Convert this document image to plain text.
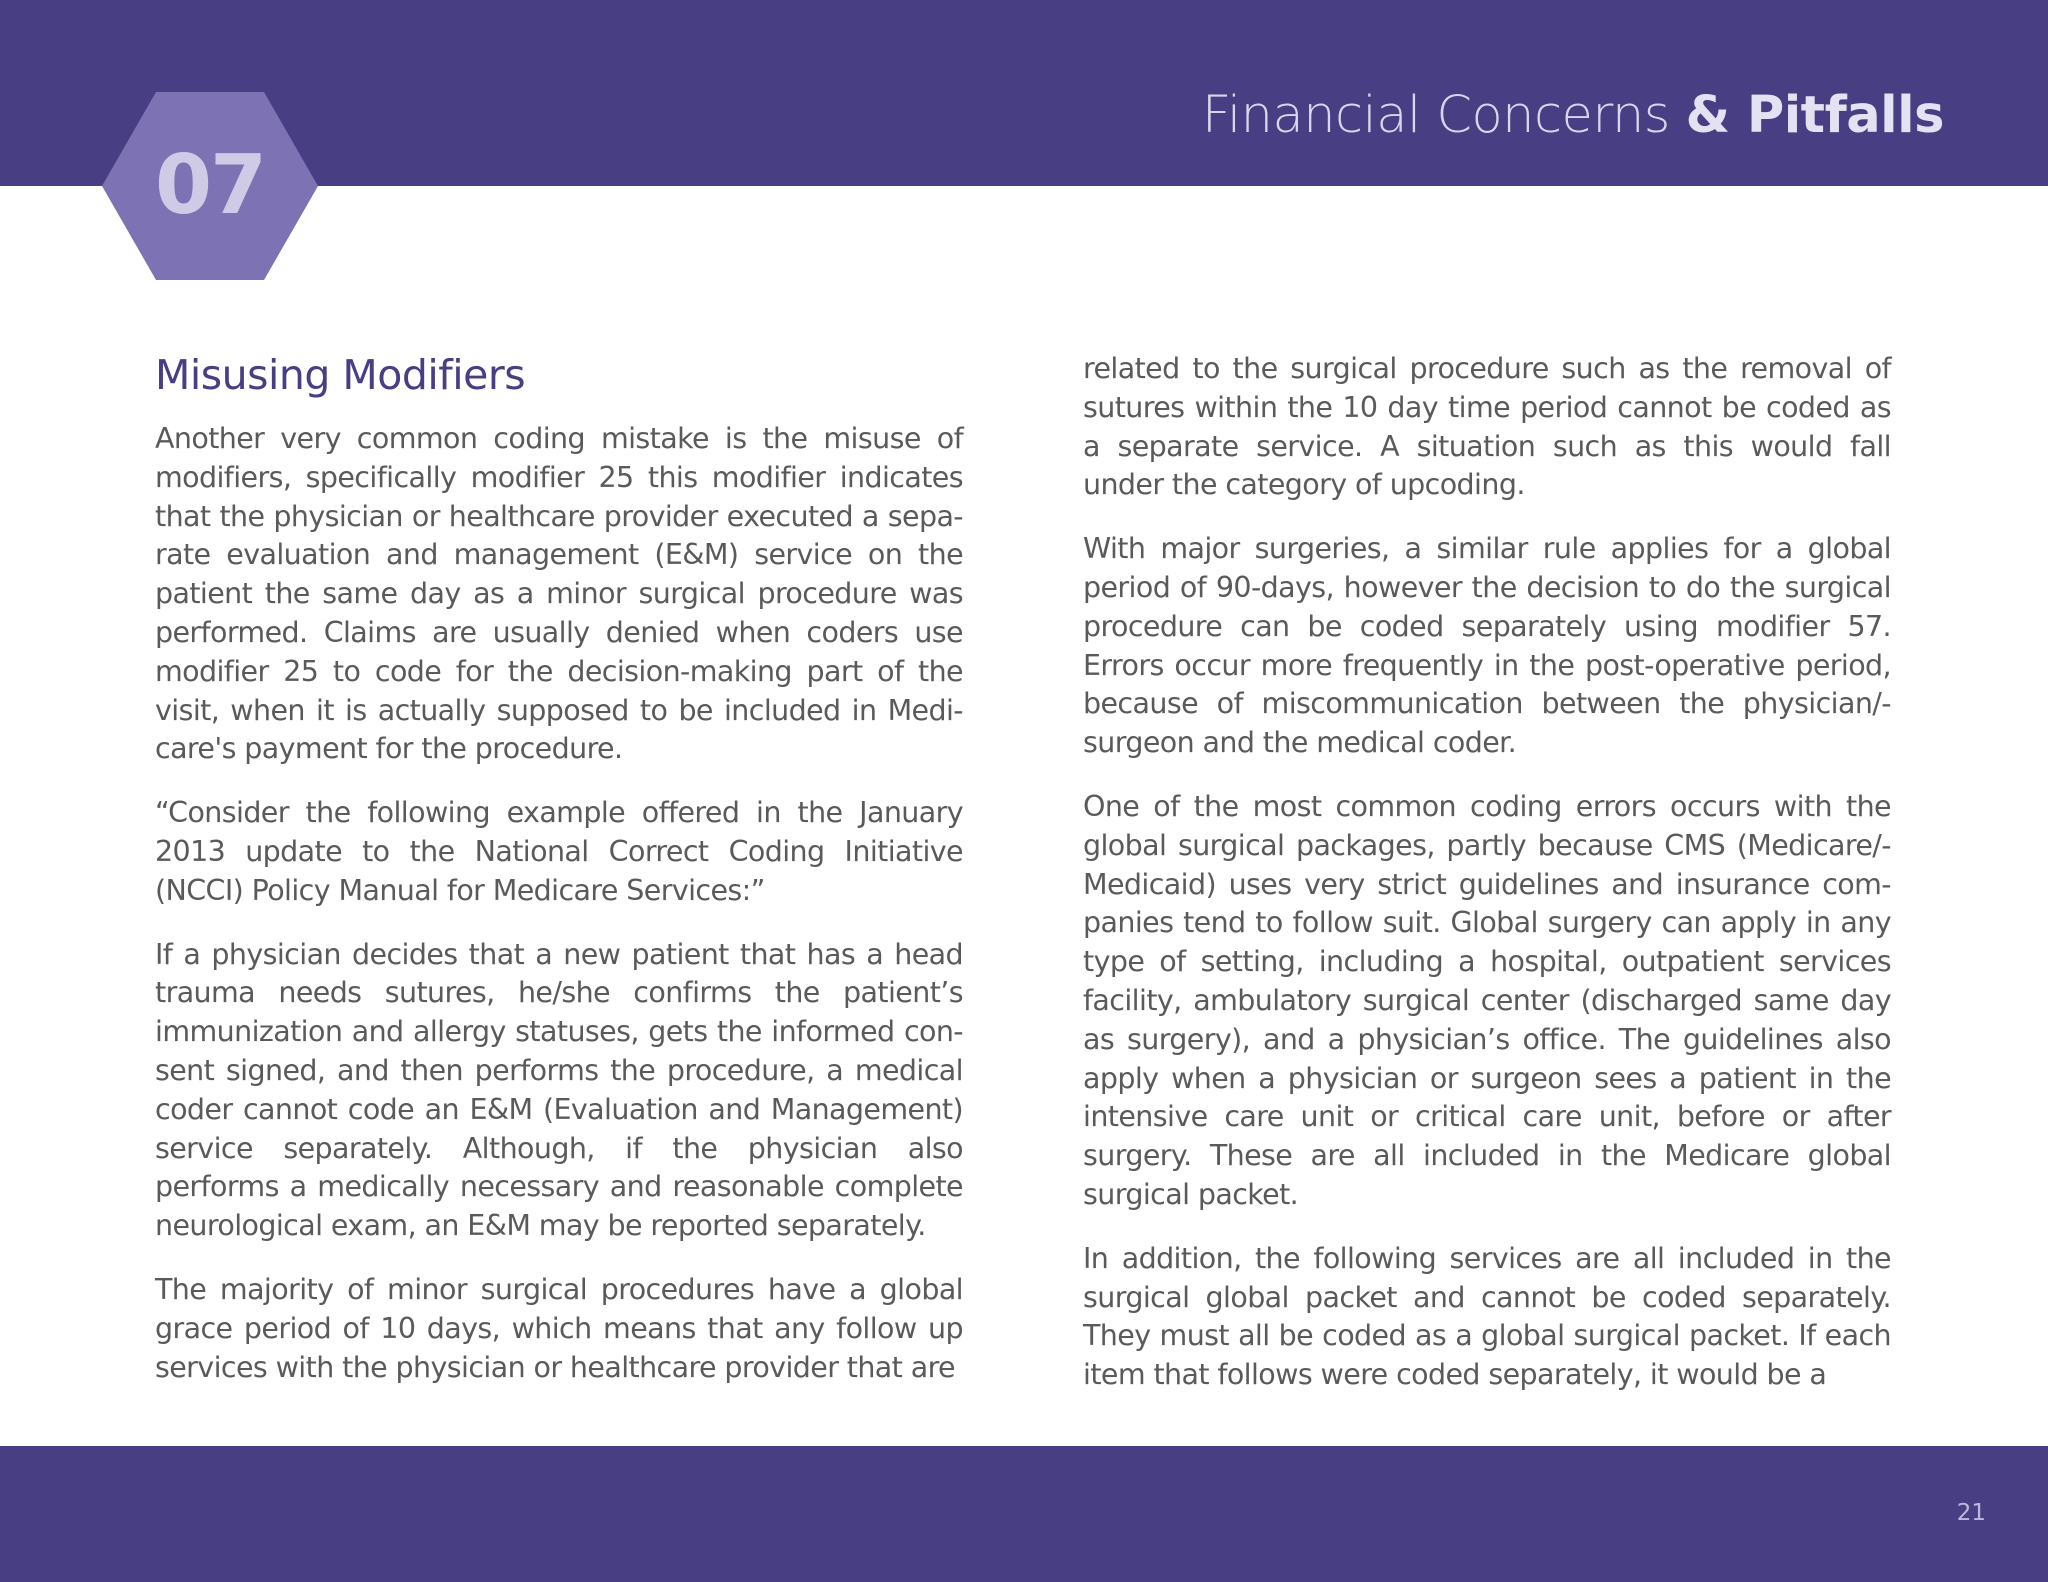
Financial Concerns & Pitfalls
07
Misusing Modifiers

Another very common coding mistake is the misuse of modifiers, specifically modifier 25 this modifier indicates that the physician or healthcare provider executed a sepa-rate evaluation and management (E&M) service on the patient the same day as a minor surgical procedure was performed. Claims are usually denied when coders use modifier 25 to code for the decision-making part of the visit, when it is actually supposed to be included in Medi-care's payment for the procedure.

“Consider the following example offered in the January 2013 update to the National Correct Coding Initiative (NCCI) Policy Manual for Medicare Services:”

If a physician decides that a new patient that has a head trauma needs sutures, he/she confirms the patient’s immunization and allergy statuses, gets the informed con-sent signed, and then performs the procedure, a medical coder cannot code an E&M (Evaluation and Management) service separately. Although, if the physician also performs a medically necessary and reasonable complete neurological exam, an E&M may be reported separately.

The majority of minor surgical procedures have a global grace period of 10 days, which means that any follow up services with the physician or healthcare provider that are

related to the surgical procedure such as the removal of sutures within the 10 day time period cannot be coded as a separate service. A situation such as this would fall under the category of upcoding.

With major surgeries, a similar rule applies for a global period of 90-days, however the decision to do the surgical procedure can be coded separately using modifier 57. Errors occur more frequently in the post-operative period, because of miscommunication between the physician/-surgeon and the medical coder.

One of the most common coding errors occurs with the global surgical packages, partly because CMS (Medicare/-Medicaid) uses very strict guidelines and insurance com-panies tend to follow suit. Global surgery can apply in any type of setting, including a hospital, outpatient services facility, ambulatory surgical center (discharged same day as surgery), and a physician’s office. The guidelines also apply when a physician or surgeon sees a patient in the intensive care unit or critical care unit, before or after surgery. These are all included in the Medicare global surgical packet.

In addition, the following services are all included in the surgical global packet and cannot be coded separately. They must all be coded as a global surgical packet. If each item that follows were coded separately, it would be a

21
